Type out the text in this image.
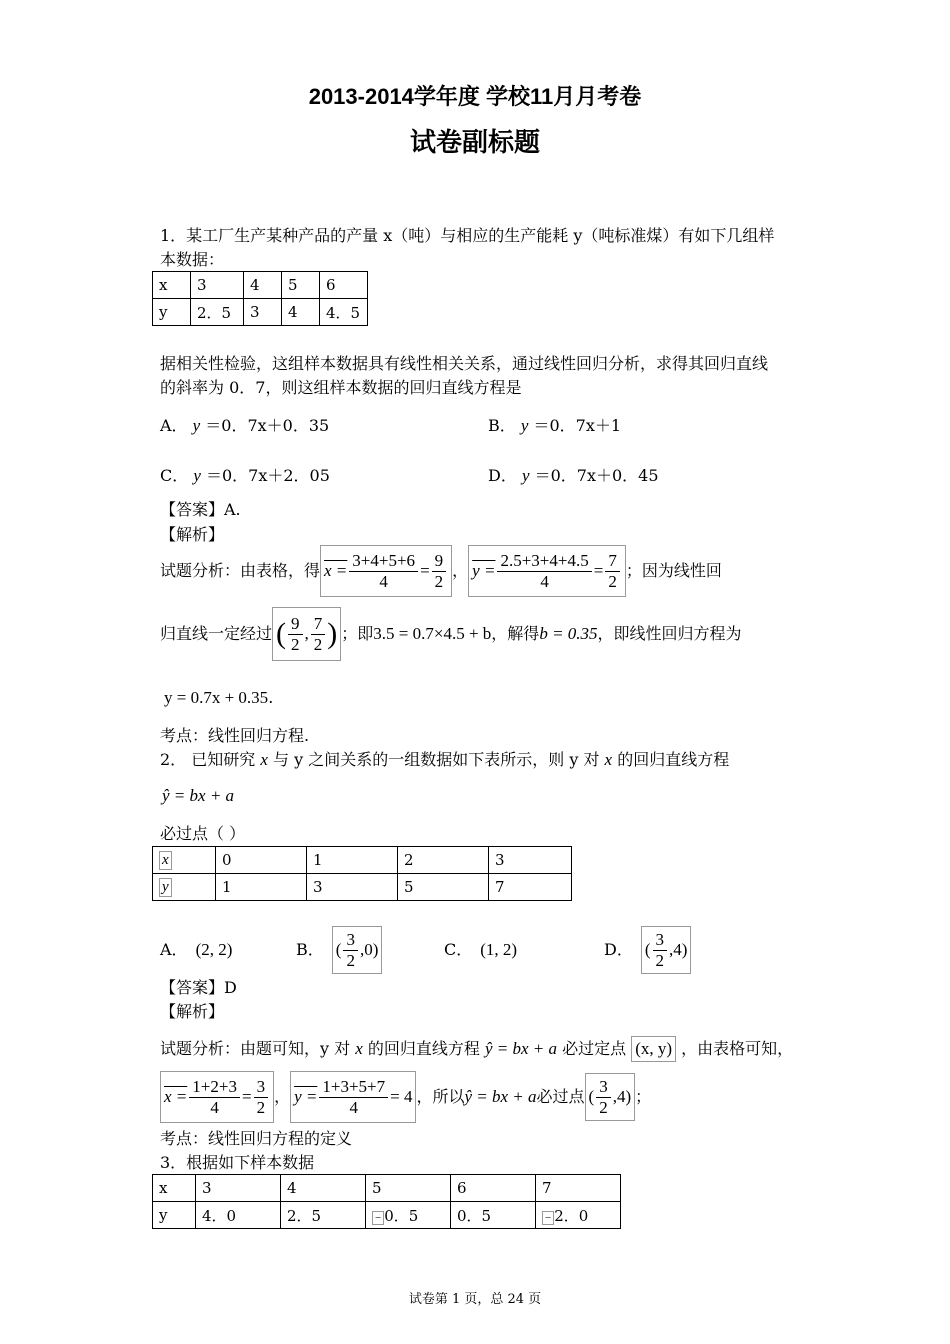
2013-2014学年度 学校11月月考卷
试卷副标题
1．某工厂生产某种产品的产量 x（吨）与相应的生产能耗 y（吨标准煤）有如下几组样
本数据：
x	3	4	5	6
y	2．5	3	4	4．5
据相关性检验，这组样本数据具有线性相关关系，通过线性回归分析，求得其回归直线
的斜率为 0．7，则这组样本数据的回归直线方程是
A． y ＝0．7x＋0．35	B． y ＝0．7x＋1
C． y ＝0．7x＋2．05	D． y ＝0．7x＋0．45
【答案】A.
【解析】
试题分析：由表格，得 $x = \frac{3+4+5+6}{4} = \frac{9}{2}$ ， $y = \frac{2.5+3+4+4.5}{4} = \frac{7}{2}$ ；因为线性回
归直线一定经过 ( $\frac{9}{2}$ , $\frac{7}{2}$ ) ；即 3.5 = 0.7×4.5 + b ，解得 b = 0.35 ，即线性回归方程为
y = 0.7x + 0.35.
考点：线性回归方程.
2． 已知研究 x 与 y 之间关系的一组数据如下表所示，则 y 对 x 的回归直线方程
ŷ = bx + a
必过点（ ）
x	0	1	2	3
y	1	3	5	7
A． (2, 2)	B． ( $\frac{3}{2} ,0$)	C． (1, 2)	D． ( $\frac{3}{2} ,4$)
【答案】D
【解析】
试题分析：由题可知，y 对 x 的回归直线方程 ŷ = bx + a 必过定点 (x, y) ，由表格可知，
$x = \frac{1+2+3}{4} = \frac{3}{2}$ ， $y = \frac{1+3+5+7}{4} = 4$ ，所以 ŷ = bx + a 必过点 ( $\frac{3}{2} ,4$) ；
考点：线性回归方程的定义
3．根据如下样本数据
x	3	4	5	6	7
y	4．0	2．5	− 0．5	0．5	− 2．0
试卷第 1 页，总 24 页
